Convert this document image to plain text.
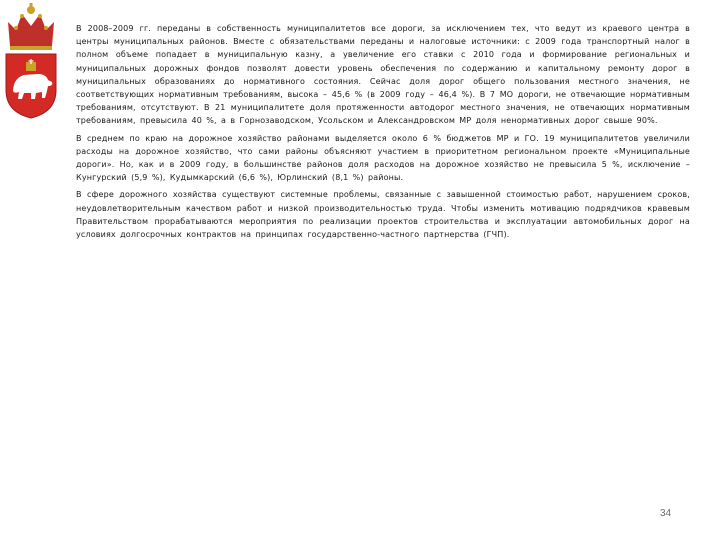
В 2008–2009 гг. переданы в собственность муниципалитетов все дороги, за исключением тех, что ведут из краевого центра в центры муниципальных районов. Вместе с обязательствами переданы и налоговые источники: с 2009 года транспортный налог в полном объеме попадает в муниципальную казну, а увеличение его ставки с 2010 года и формирование региональных и муниципальных дорожных фондов позволят довести уровень обеспечения по содержанию и капитальному ремонту дорог в муниципальных образованиях до нормативного состояния. Сейчас доля дорог общего пользования местного значения, не соответствующих нормативным требованиям, высока – 45,6 % (в 2009 году – 46,4 %). В 7 МО дороги, не отвечающие нормативным требованиям, отсутствуют. В 21 муниципалитете доля протяженности автодорог местного значения, не отвечающих нормативным требованиям, превысила 40 %, а в Горнозаводском, Усольском и Александровском МР доля ненормативных дорог свыше 90%.

В среднем по краю на дорожное хозяйство районами выделяется около 6 % бюджетов МР и ГО. 19 муниципалитетов увеличили расходы на дорожное хозяйство, что сами районы объясняют участием в приоритетном региональном проекте «Муниципальные дороги». Но, как и в 2009 году, в большинстве районов доля расходов на дорожное хозяйство не превысила 5 %, исключение – Кунгурский (5,9 %), Кудымкарский (6,6 %), Юрлинский (8,1 %) районы.

В сфере дорожного хозяйства существуют системные проблемы, связанные с завышенной стоимостью работ, нарушением сроков, неудовлетворительным качеством работ и низкой производительностью труда. Чтобы изменить мотивацию подрядчиков кравевым Правительством прорабатываются мероприятия по реализации проектов строительства и эксплуатации автомобильных дорог на условиях долгосрочных контрактов на принципах государственно-частного партнерства (ГЧП).

34
